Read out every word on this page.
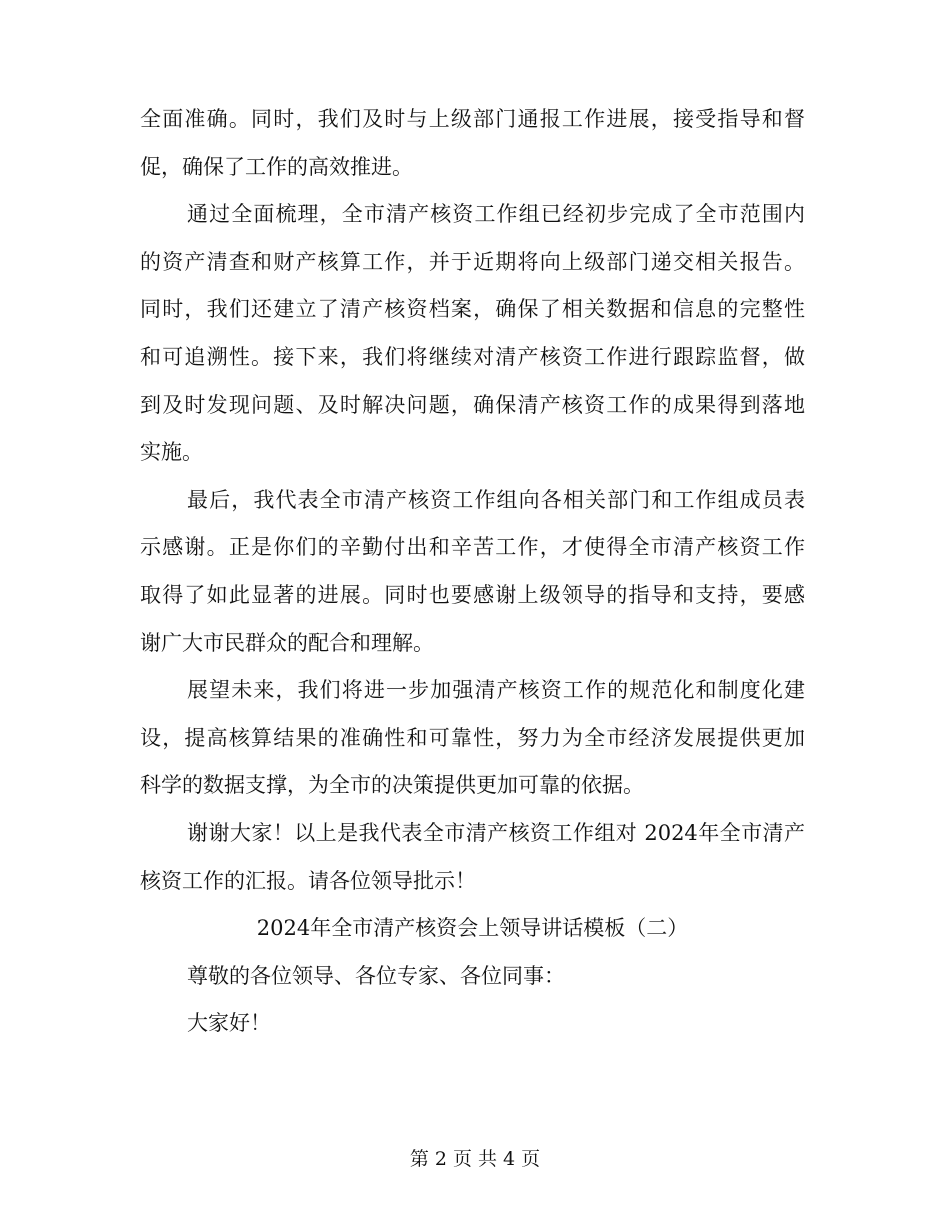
全面准确。同时，我们及时与上级部门通报工作进展，接受指导和督
促，确保了工作的高效推进。
通过全面梳理，全市清产核资工作组已经初步完成了全市范围内
的资产清查和财产核算工作，并于近期将向上级部门递交相关报告。
同时，我们还建立了清产核资档案，确保了相关数据和信息的完整性
和可追溯性。接下来，我们将继续对清产核资工作进行跟踪监督，做
到及时发现问题、及时解决问题，确保清产核资工作的成果得到落地
实施。
最后，我代表全市清产核资工作组向各相关部门和工作组成员表
示感谢。正是你们的辛勤付出和辛苦工作，才使得全市清产核资工作
取得了如此显著的进展。同时也要感谢上级领导的指导和支持，要感
谢广大市民群众的配合和理解。
展望未来，我们将进一步加强清产核资工作的规范化和制度化建
设，提高核算结果的准确性和可靠性，努力为全市经济发展提供更加
科学的数据支撑，为全市的决策提供更加可靠的依据。
谢谢大家！以上是我代表全市清产核资工作组对 2024年全市清产
核资工作的汇报。请各位领导批示！
2024年全市清产核资会上领导讲话模板（二）
尊敬的各位领导、各位专家、各位同事：
大家好！
第 2 页 共 4 页
